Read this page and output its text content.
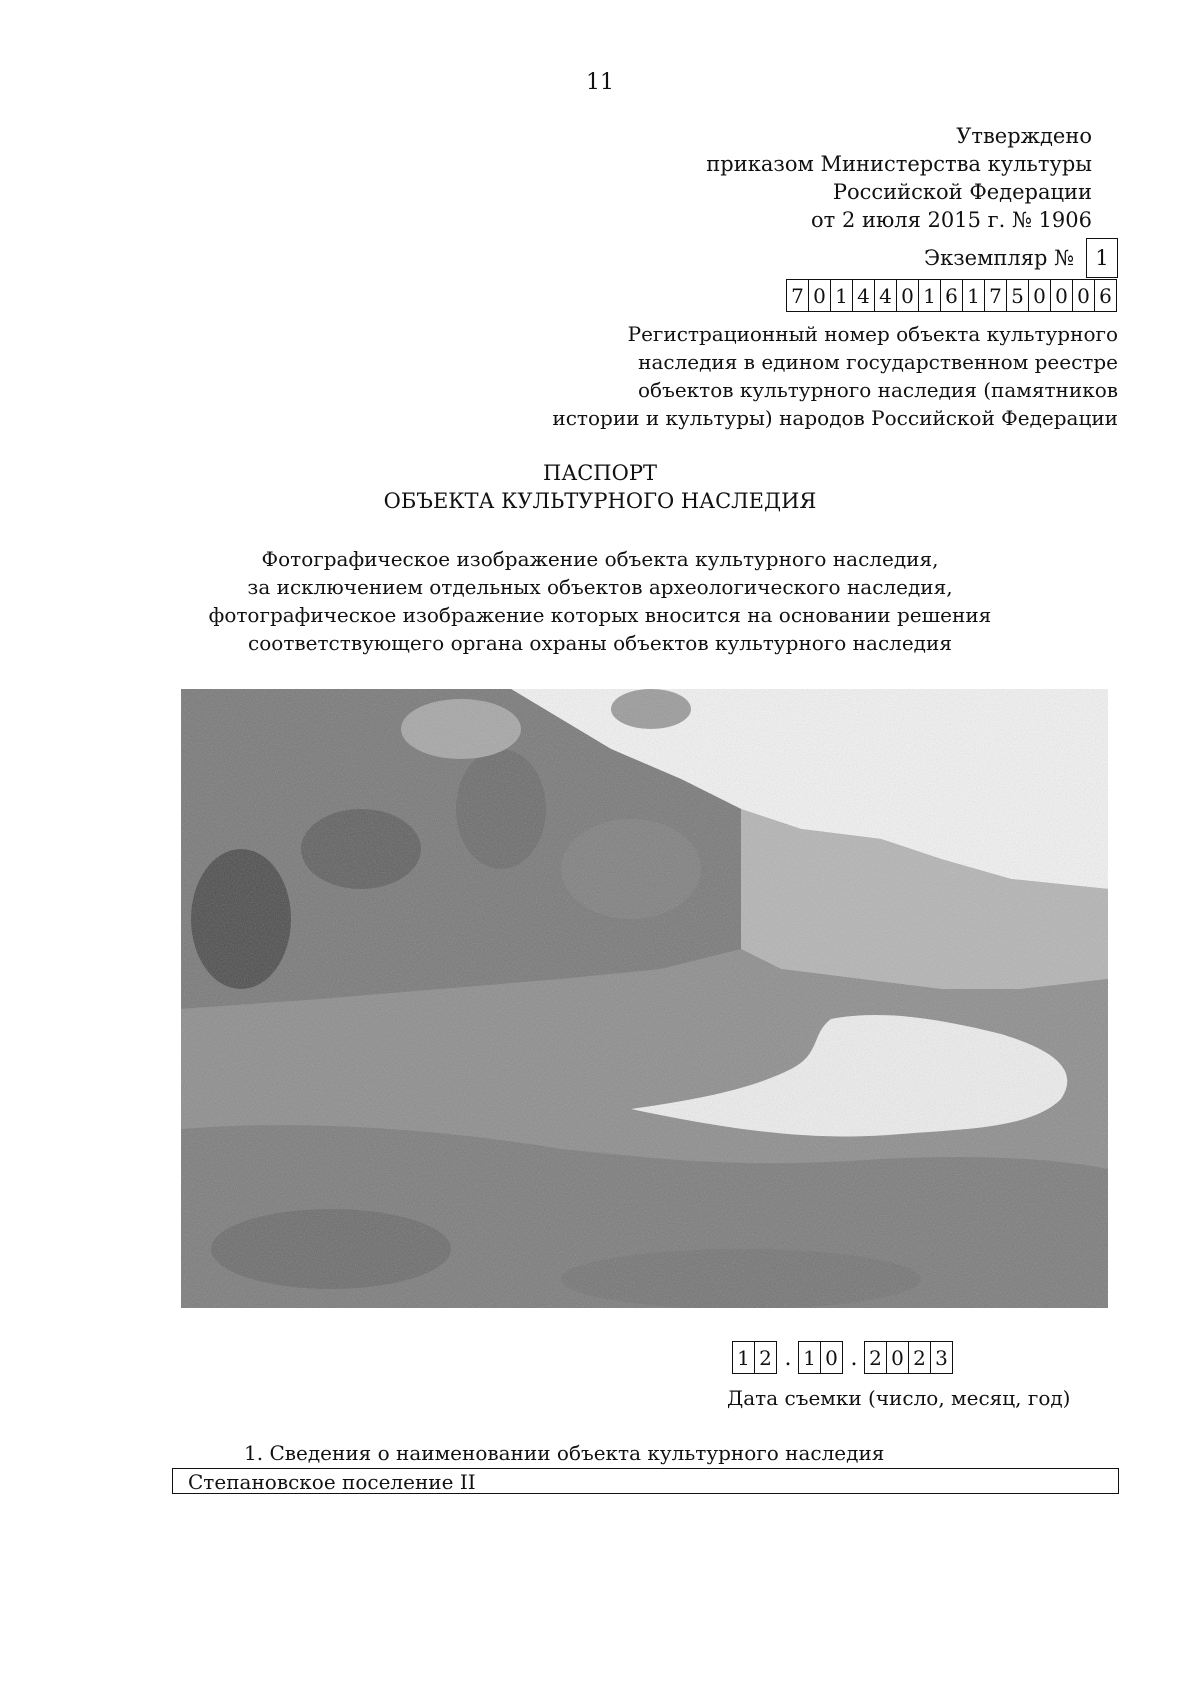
11
Утверждено
приказом Министерства культуры
Российской Федерации
от 2 июля 2015 г. № 1906
Экземпляр №	1
7 0 1 4 4 0 1 6 1 7 5 0 0 0 6
Регистрационный номер объекта культурного
наследия в едином государственном реестре
объектов культурного наследия (памятников
истории и культуры) народов Российской Федерации
ПАСПОРТ
ОБЪЕКТА КУЛЬТУРНОГО НАСЛЕДИЯ
Фотографическое изображение объекта культурного наследия,
за исключением отдельных объектов археологического наследия,
фотографическое изображение которых вносится на основании решения
соответствующего органа охраны объектов культурного наследия
1 2 . 1 0 . 2 0 2 3
Дата съемки (число, месяц, год)
1. Сведения о наименовании объекта культурного наследия
Степановское поселение II
